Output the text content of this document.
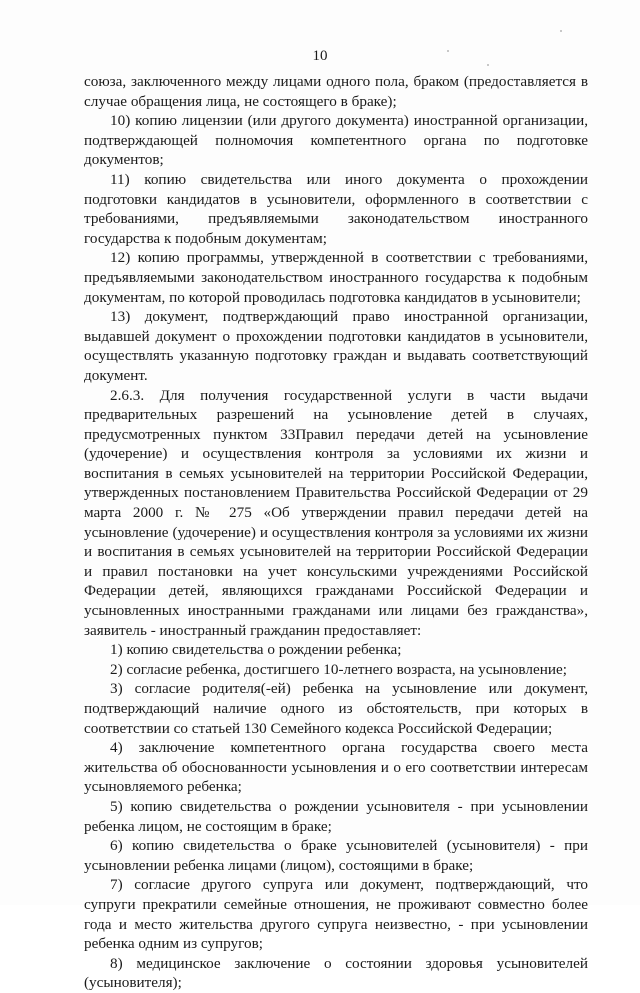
10

союза, заключенного между лицами одного пола, браком (предоставляется в случае обращения лица, не состоящего в браке);

10) копию лицензии (или другого документа) иностранной организации, подтверждающей полномочия компетентного органа по подготовке документов;

11) копию свидетельства или иного документа о прохождении подготовки кандидатов в усыновители, оформленного в соответствии с требованиями, предъявляемыми законодательством иностранного государства к подобным документам;

12) копию программы, утвержденной в соответствии с требованиями, предъявляемыми законодательством иностранного государства к подобным документам, по которой проводилась подготовка кандидатов в усыновители;

13) документ, подтверждающий право иностранной организации, выдавшей документ о прохождении подготовки кандидатов в усыновители, осуществлять указанную подготовку граждан и выдавать соответствующий документ.

2.6.3. Для получения государственной услуги в части выдачи предварительных разрешений на усыновление детей в случаях, предусмотренных пунктом 33Правил передачи детей на усыновление (удочерение) и осуществления контроля за условиями их жизни и воспитания в семьях усыновителей на территории Российской Федерации, утвержденных постановлением Правительства Российской Федерации от 29 марта 2000 г. № 275 «Об утверждении правил передачи детей на усыновление (удочерение) и осуществления контроля за условиями их жизни и воспитания в семьях усыновителей на территории Российской Федерации и правил постановки на учет консульскими учреждениями Российской Федерации детей, являющихся гражданами Российской Федерации и усыновленных иностранными гражданами или лицами без гражданства», заявитель - иностранный гражданин предоставляет:

1) копию свидетельства о рождении ребенка;

2) согласие ребенка, достигшего 10-летнего возраста, на усыновление;

3) согласие родителя(-ей) ребенка на усыновление или документ, подтверждающий наличие одного из обстоятельств, при которых в соответствии со статьей 130 Семейного кодекса Российской Федерации;

4) заключение компетентного органа государства своего места жительства об обоснованности усыновления и о его соответствии интересам усыновляемого ребенка;

5) копию свидетельства о рождении усыновителя - при усыновлении ребенка лицом, не состоящим в браке;

6) копию свидетельства о браке усыновителей (усыновителя) - при усыновлении ребенка лицами (лицом), состоящими в браке;

7) согласие другого супруга или документ, подтверждающий, что супруги прекратили семейные отношения, не проживают совместно более года и место жительства другого супруга неизвестно, - при усыновлении ребенка одним из супругов;

8) медицинское заключение о состоянии здоровья усыновителей (усыновителя);
